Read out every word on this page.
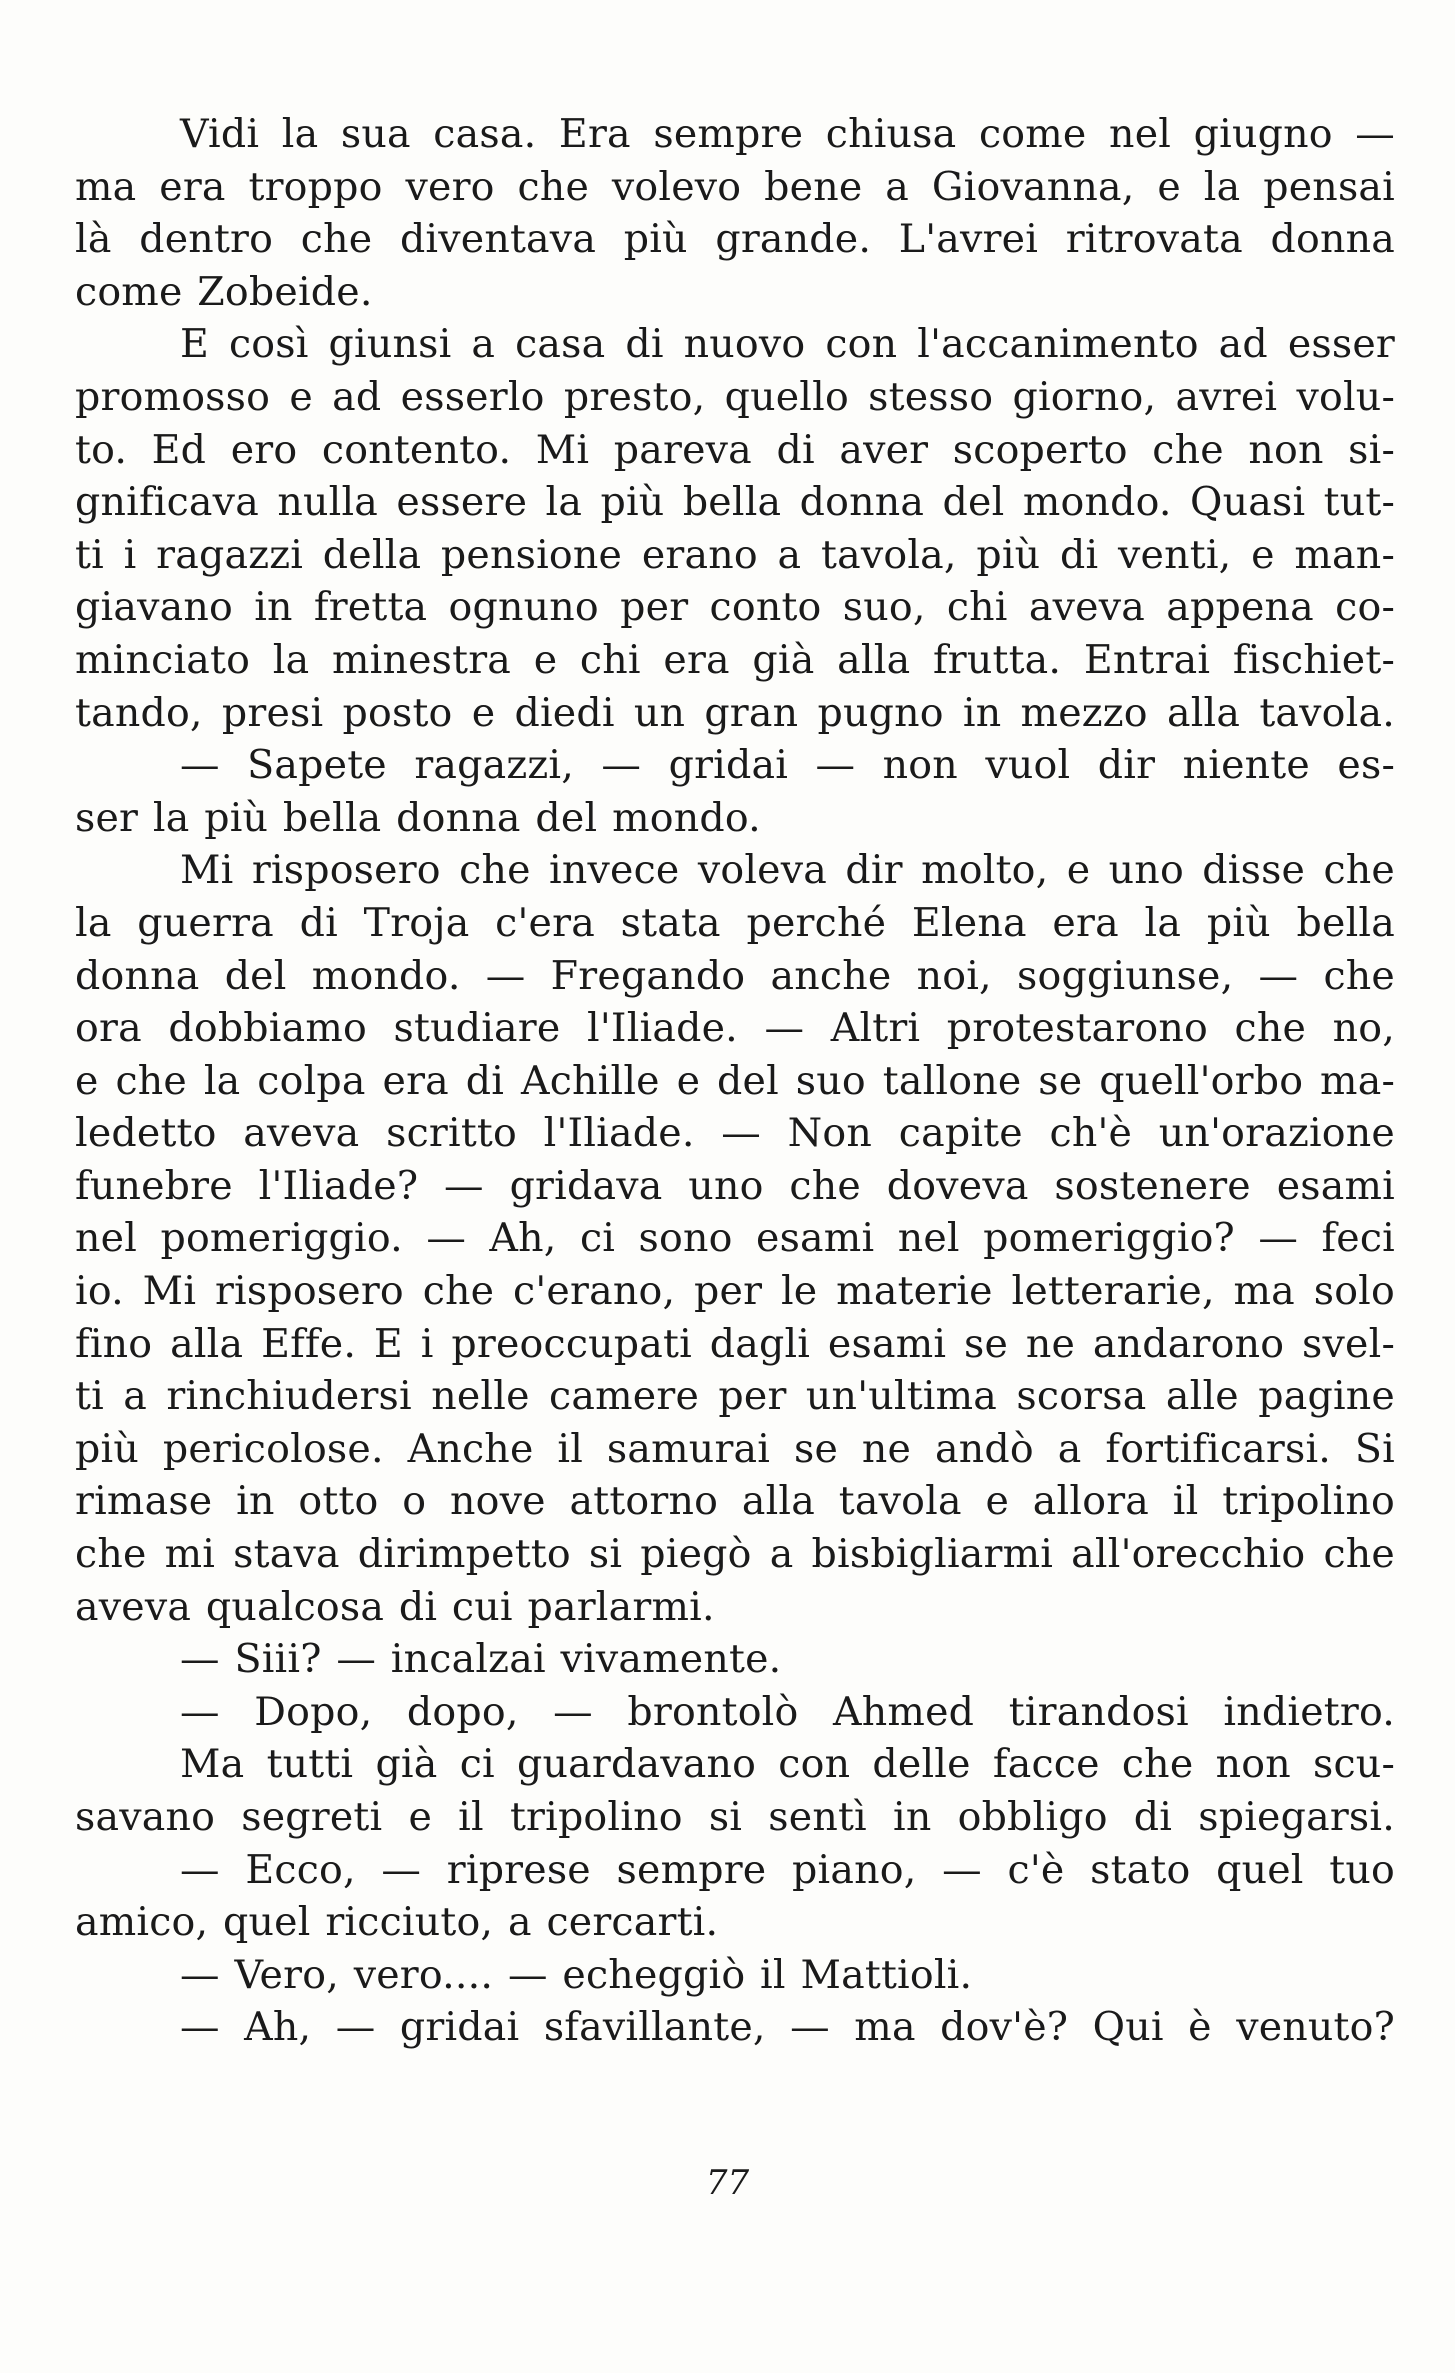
Vidi la sua casa. Era sempre chiusa come nel giugno —
ma era troppo vero che volevo bene a Giovanna, e la pensai
là dentro che diventava più grande. L'avrei ritrovata donna
come Zobeide.
E così giunsi a casa di nuovo con l'accanimento ad esser
promosso e ad esserlo presto, quello stesso giorno, avrei volu-
to. Ed ero contento. Mi pareva di aver scoperto che non si-
gnificava nulla essere la più bella donna del mondo. Quasi tut-
ti i ragazzi della pensione erano a tavola, più di venti, e man-
giavano in fretta ognuno per conto suo, chi aveva appena co-
minciato la minestra e chi era già alla frutta. Entrai fischiet-
tando, presi posto e diedi un gran pugno in mezzo alla tavola.
— Sapete ragazzi, — gridai — non vuol dir niente es-
ser la più bella donna del mondo.
Mi risposero che invece voleva dir molto, e uno disse che
la guerra di Troja c'era stata perché Elena era la più bella
donna del mondo. — Fregando anche noi, soggiunse, — che
ora dobbiamo studiare l'Iliade. — Altri protestarono che no,
e che la colpa era di Achille e del suo tallone se quell'orbo ma-
ledetto aveva scritto l'Iliade. — Non capite ch'è un'orazione
funebre l'Iliade? — gridava uno che doveva sostenere esami
nel pomeriggio. — Ah, ci sono esami nel pomeriggio? — feci
io. Mi risposero che c'erano, per le materie letterarie, ma solo
fino alla Effe. E i preoccupati dagli esami se ne andarono svel-
ti a rinchiudersi nelle camere per un'ultima scorsa alle pagine
più pericolose. Anche il samurai se ne andò a fortificarsi. Si
rimase in otto o nove attorno alla tavola e allora il tripolino
che mi stava dirimpetto si piegò a bisbigliarmi all'orecchio che
aveva qualcosa di cui parlarmi.
— Siii? — incalzai vivamente.
— Dopo, dopo, — brontolò Ahmed tirandosi indietro.
Ma tutti già ci guardavano con delle facce che non scu-
savano segreti e il tripolino si sentì in obbligo di spiegarsi.
— Ecco, — riprese sempre piano, — c'è stato quel tuo
amico, quel ricciuto, a cercarti.
— Vero, vero.... — echeggiò il Mattioli.
— Ah, — gridai sfavillante, — ma dov'è? Qui è venuto?
77
